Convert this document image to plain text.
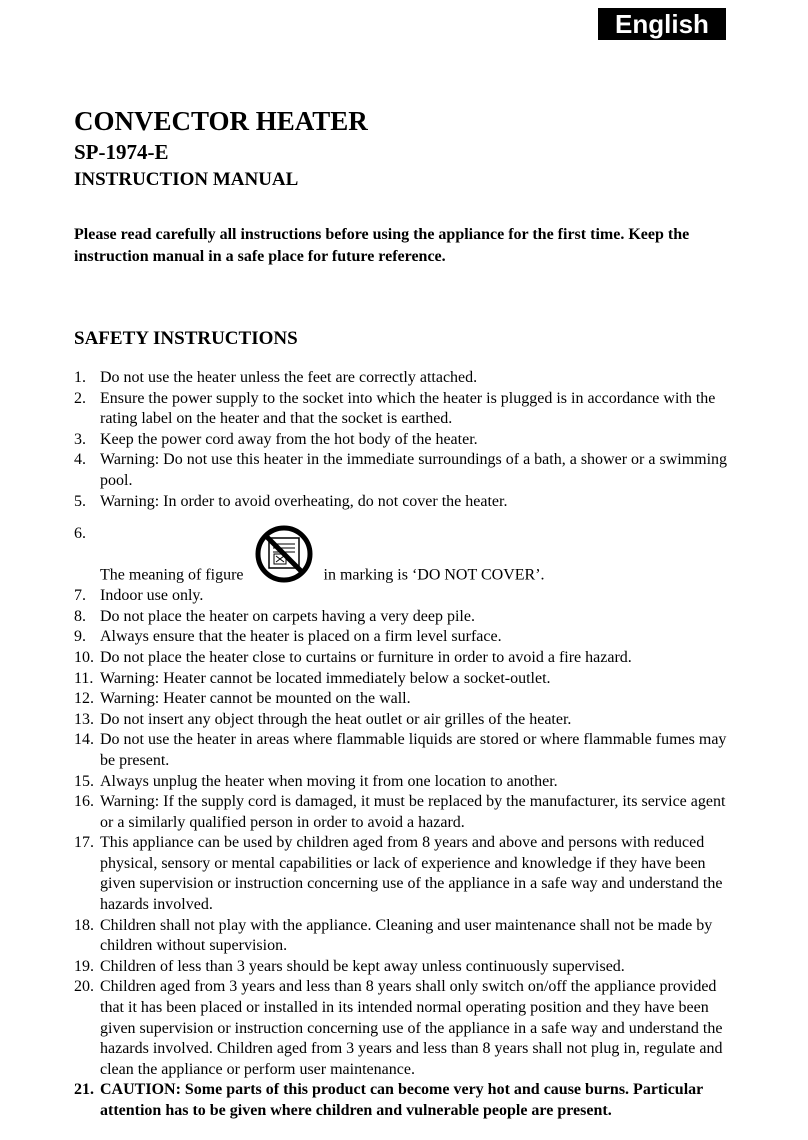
English
CONVECTOR HEATER
SP-1974-E
INSTRUCTION MANUAL

Please read carefully all instructions before using the appliance for the first time. Keep the instruction manual in a safe place for future reference.

SAFETY INSTRUCTIONS
1. Do not use the heater unless the feet are correctly attached.
2. Ensure the power supply to the socket into which the heater is plugged is in accordance with the rating label on the heater and that the socket is earthed.
3. Keep the power cord away from the hot body of the heater.
4. Warning: Do not use this heater in the immediate surroundings of a bath, a shower or a swimming pool.
5. Warning: In order to avoid overheating, do not cover the heater.
6.
The meaning of figure	in marking is ‘DO NOT COVER’.
7. Indoor use only.
8. Do not place the heater on carpets having a very deep pile.
9. Always ensure that the heater is placed on a firm level surface.
10. Do not place the heater close to curtains or furniture in order to avoid a fire hazard.
11. Warning: Heater cannot be located immediately below a socket-outlet.
12. Warning: Heater cannot be mounted on the wall.
13. Do not insert any object through the heat outlet or air grilles of the heater.
14. Do not use the heater in areas where flammable liquids are stored or where flammable fumes may be present.
15. Always unplug the heater when moving it from one location to another.
16. Warning: If the supply cord is damaged, it must be replaced by the manufacturer, its service agent or a similarly qualified person in order to avoid a hazard.
17. This appliance can be used by children aged from 8 years and above and persons with reduced physical, sensory or mental capabilities or lack of experience and knowledge if they have been given supervision or instruction concerning use of the appliance in a safe way and understand the hazards involved.
18. Children shall not play with the appliance. Cleaning and user maintenance shall not be made by children without supervision.
19. Children of less than 3 years should be kept away unless continuously supervised.
20. Children aged from 3 years and less than 8 years shall only switch on/off the appliance provided that it has been placed or installed in its intended normal operating position and they have been given supervision or instruction concerning use of the appliance in a safe way and understand the hazards involved. Children aged from 3 years and less than 8 years shall not plug in, regulate and clean the appliance or perform user maintenance.
21. CAUTION: Some parts of this product can become very hot and cause burns. Particular attention has to be given where children and vulnerable people are present.
